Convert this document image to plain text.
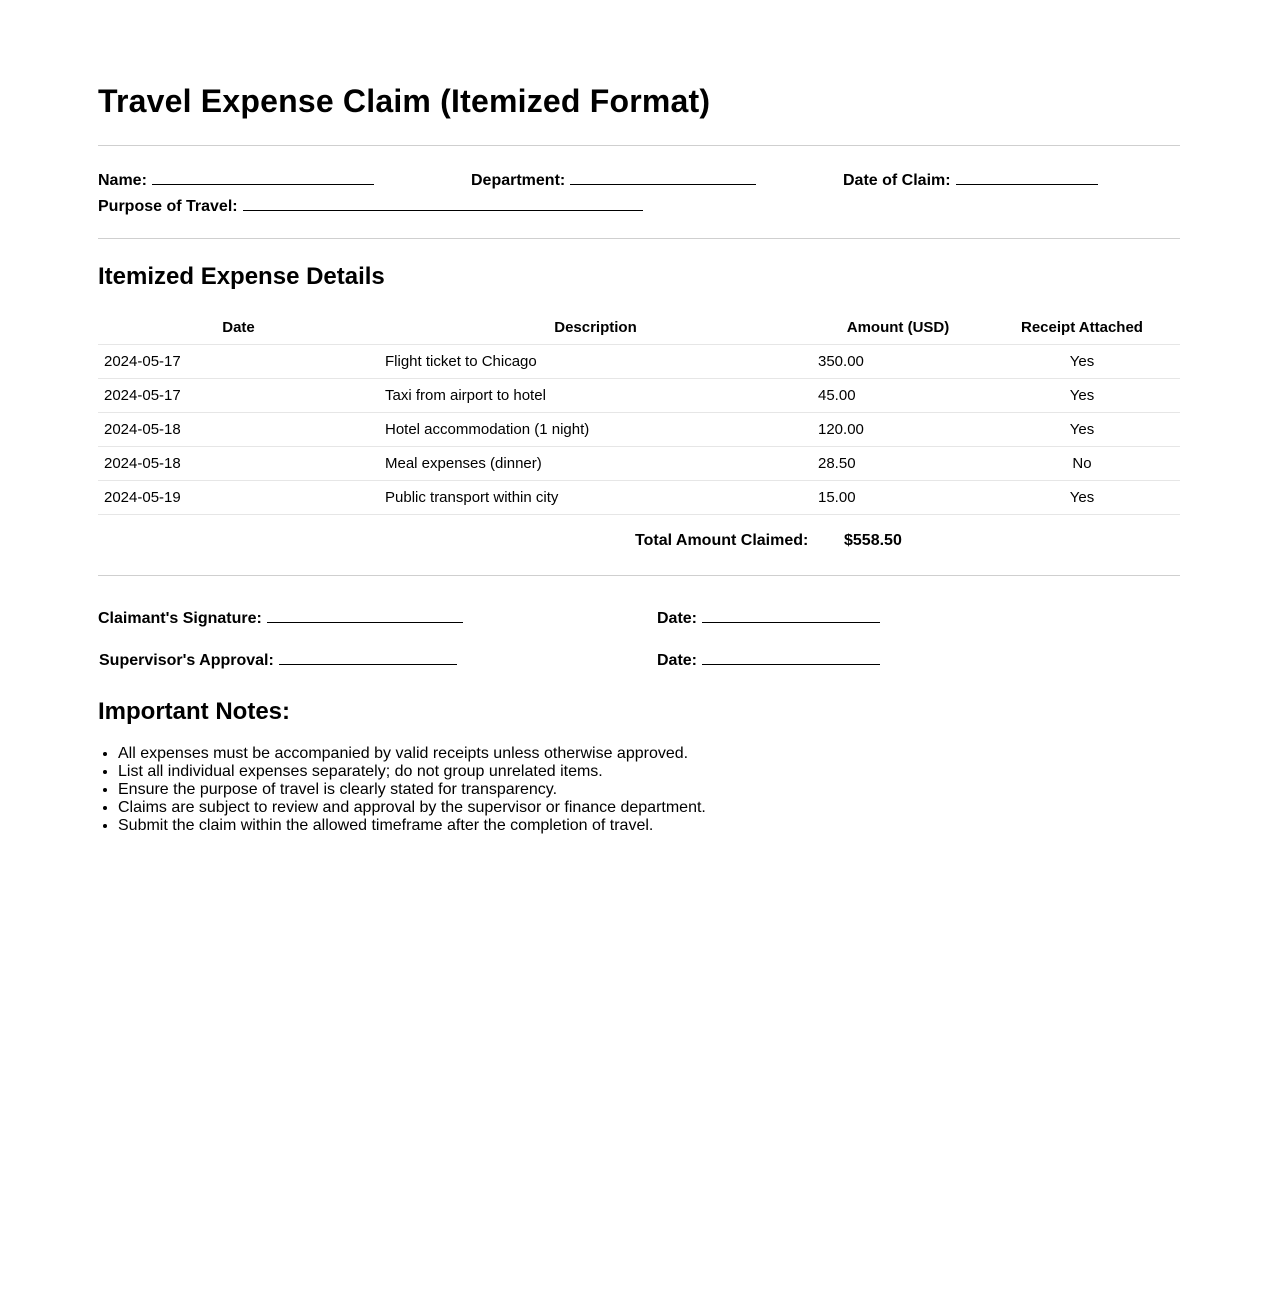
Travel Expense Claim (Itemized Format)
Name:	Department:	Date of Claim:
Purpose of Travel:
Itemized Expense Details
Date	Description	Amount (USD)	Receipt Attached
2024-05-17	Flight ticket to Chicago	350.00	Yes
2024-05-17	Taxi from airport to hotel	45.00	Yes
2024-05-18	Hotel accommodation (1 night)	120.00	Yes
2024-05-18	Meal expenses (dinner)	28.50	No
2024-05-19	Public transport within city	15.00	Yes
Total Amount Claimed: $558.50
Claimant's Signature:	Date:
Supervisor's Approval:	Date:
Important Notes:
• All expenses must be accompanied by valid receipts unless otherwise approved.
• List all individual expenses separately; do not group unrelated items.
• Ensure the purpose of travel is clearly stated for transparency.
• Claims are subject to review and approval by the supervisor or finance department.
• Submit the claim within the allowed timeframe after the completion of travel.
